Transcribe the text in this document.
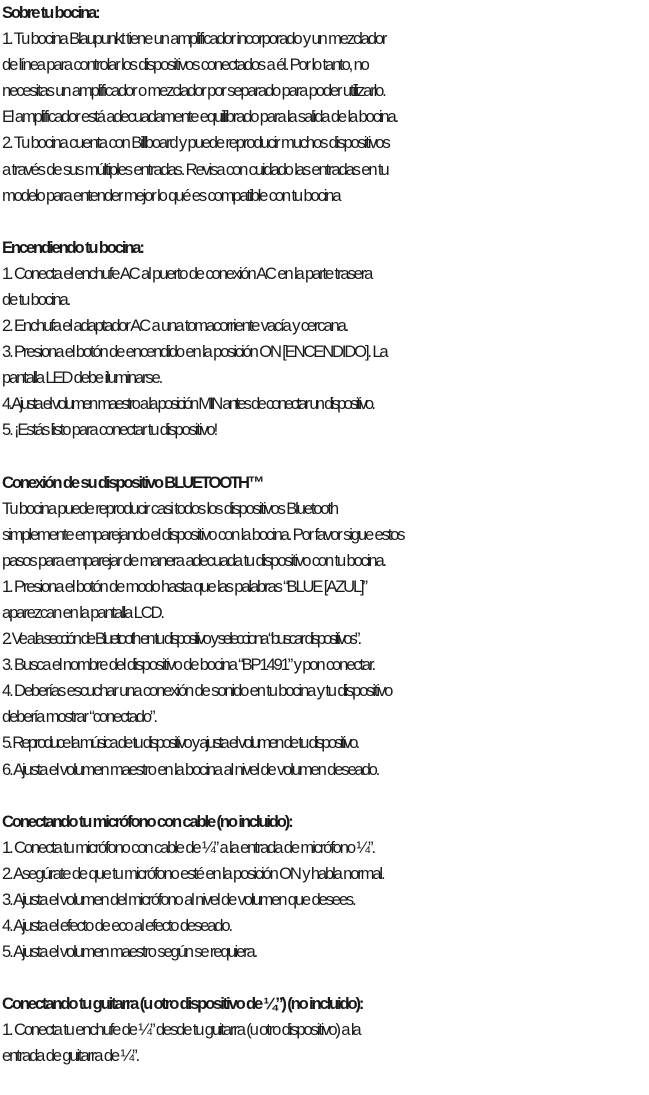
Sobre tu bocina:
1. Tu bocina Blaupunkt tiene un amplificador incorporado y un mezclador
de línea para controlar los dispositivos conectados a él. Por lo tanto, no
necesitas un amplificador o mezclador por separado para poder utilizarlo.
El amplificador está adecuadamente equilibrado para la salida de la bocina.
2. Tu bocina cuenta con Billboard y puede reproducir muchos dispositivos
a través de sus múltiples entradas. Revisa con cuidado las entradas en tu
modelo para entender mejor lo qué es compatible con tu bocina
Encendiendo tu bocina:
1. Conecta el enchufe AC al puerto de conexión AC en la parte trasera
de tu bocina.
2. Enchufa el adaptador AC a una tomacorriente vacía y cercana.
3. Presiona el botón de encendido en la posición ON [ENCENDIDO]. La
pantalla LED debe iluminarse.
4. Ajusta el volumen maestro a la posición MIN antes de conectar un dispositivo.
5. ¡Estás listo para conectar tu dispositivo!
Conexión de su dispositivo BLUETOOTH™
Tu bocina puede reproducir casi todos los dispositivos Bluetooth
simplemente emparejando el dispositivo con la bocina. Por favor sigue estos
pasos para emparejar de manera adecuada tu dispositivo con tu bocina.
1. Presiona el botón de modo hasta que las palabras “BLUE [AZUL]”
aparezcan en la pantalla LCD.
2. Ve a la sección de Bluetooth en tu dispositivo y selecciona “buscar dispositivos”.
3. Busca el nombre del dispositivo de bocina “BP1491” y pon conectar.
4. Deberías escuchar una conexión de sonido en tu bocina y tu dispositivo
debería mostrar “conectado”.
5. Reproduce la música de tu dispositivo y ajusta el volumen de tu dispositivo.
6. Ajusta el volumen maestro en la bocina al nivel de volumen deseado.
Conectando tu micrófono con cable (no incluido):
1. Conecta tu micrófono con cable de ¼” a la entrada de micrófono ¼”.
2. Asegúrate de que tu micrófono esté en la posición ON y habla normal.
3. Ajusta el volumen del micrófono al nivel de volumen que desees.
4. Ajusta el efecto de eco al efecto deseado.
5. Ajusta el volumen maestro según se requiera.
Conectando tu guitarra (u otro dispositivo de ¼”) (no incluido):
1. Conecta tu enchufe de ¼” desde tu guitarra (u otro dispositivo) a la
entrada de guitarra de ¼”.
